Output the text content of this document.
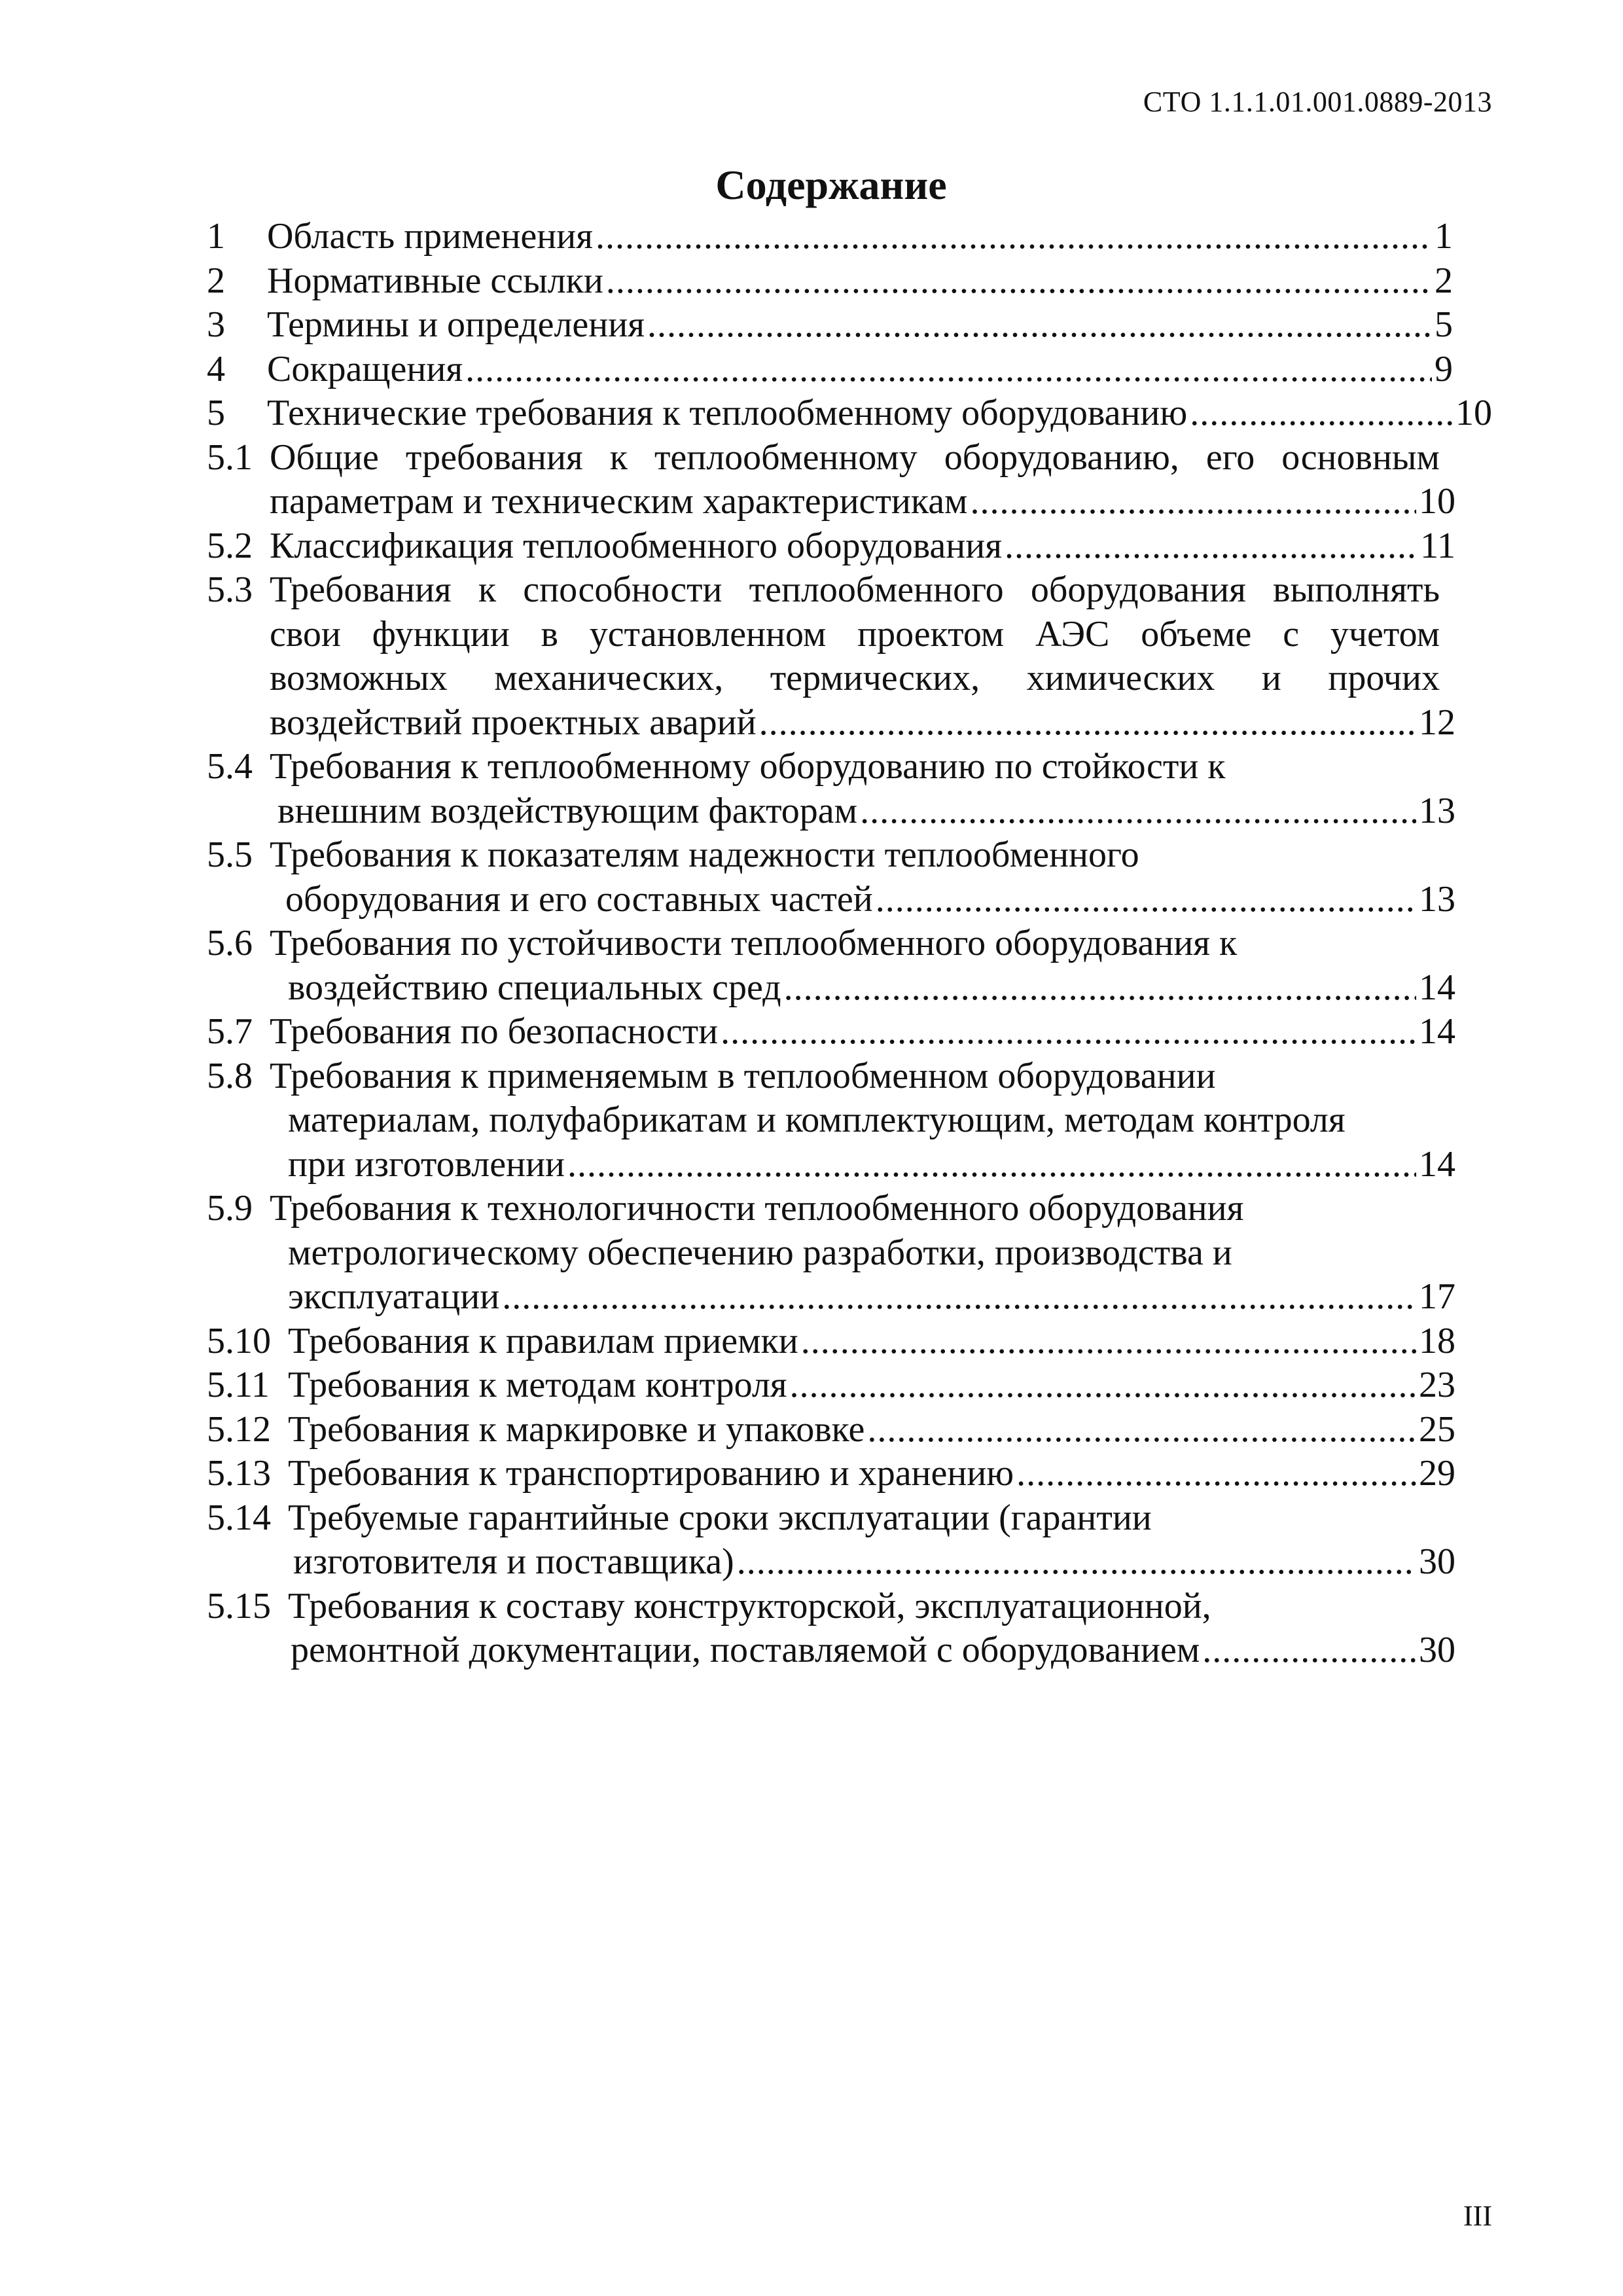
СТО 1.1.1.01.001.0889-2013
Содержание
1	Область применения .....	1
2	Нормативные ссылки .....	2
3	Термины и определения .....	5
4	Сокращения .....	9
5	Технические требования к теплообменному оборудованию .....	10
5.1 Общие требования к теплообменному оборудованию, его основным
параметрам и техническим характеристикам .....	10
5.2 Классификация теплообменного оборудования .....	11
5.3 Требования к способности теплообменного оборудования выполнять
свои функции в установленном проектом АЭС объеме с учетом
возможных механических, термических, химических и прочих
воздействий проектных аварий .....	12
5.4 Требования к теплообменному оборудованию по стойкости к
внешним воздействующим факторам .....	13
5.5 Требования к показателям надежности теплообменного
оборудования и его составных частей .....	13
5.6 Требования по устойчивости теплообменного оборудования к
воздействию специальных сред .....	14
5.7 Требования по безопасности .....	14
5.8 Требования к применяемым в теплообменном оборудовании
материалам, полуфабрикатам и комплектующим, методам контроля
при изготовлении .....	14
5.9 Требования к технологичности теплообменного оборудования
метрологическому обеспечению разработки, производства и
эксплуатации .....	17
5.10 Требования к правилам приемки .....	18
5.11 Требования к методам контроля .....	23
5.12 Требования к маркировке и упаковке .....	25
5.13 Требования к транспортированию и хранению .....	29
5.14 Требуемые гарантийные сроки эксплуатации (гарантии
изготовителя и поставщика) .....	30
5.15 Требования к составу конструкторской, эксплуатационной,
ремонтной документации, поставляемой с оборудованием .....	30
III
